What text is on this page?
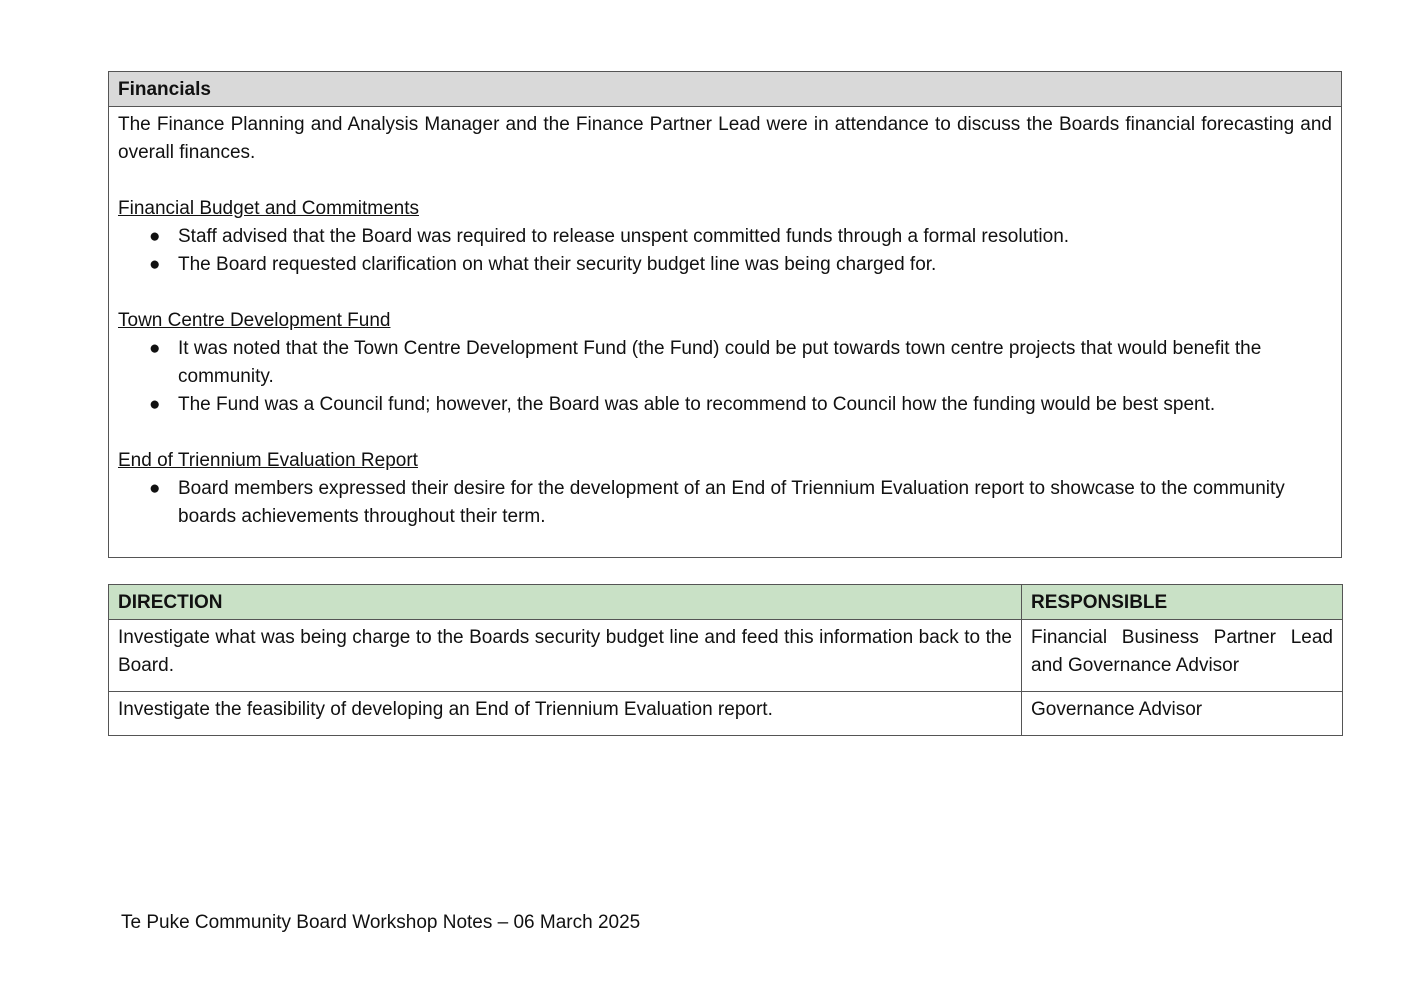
Financials

The Finance Planning and Analysis Manager and the Finance Partner Lead were in attendance to discuss the Boards financial forecasting and overall finances.

Financial Budget and Commitments
● Staff advised that the Board was required to release unspent committed funds through a formal resolution.
● The Board requested clarification on what their security budget line was being charged for.
Town Centre Development Fund
● It was noted that the Town Centre Development Fund (the Fund) could be put towards town centre projects that would benefit the community.
● The Fund was a Council fund; however, the Board was able to recommend to Council how the funding would be best spent.
End of Triennium Evaluation Report
● Board members expressed their desire for the development of an End of Triennium Evaluation report to showcase to the community boards achievements throughout their term.
DIRECTION	RESPONSIBLE
Investigate what was being charge to the Boards security budget line and feed this information back to the Board.	Financial Business Partner Lead and Governance Advisor
Investigate the feasibility of developing an End of Triennium Evaluation report.	Governance Advisor
Te Puke Community Board Workshop Notes – 06 March 2025
